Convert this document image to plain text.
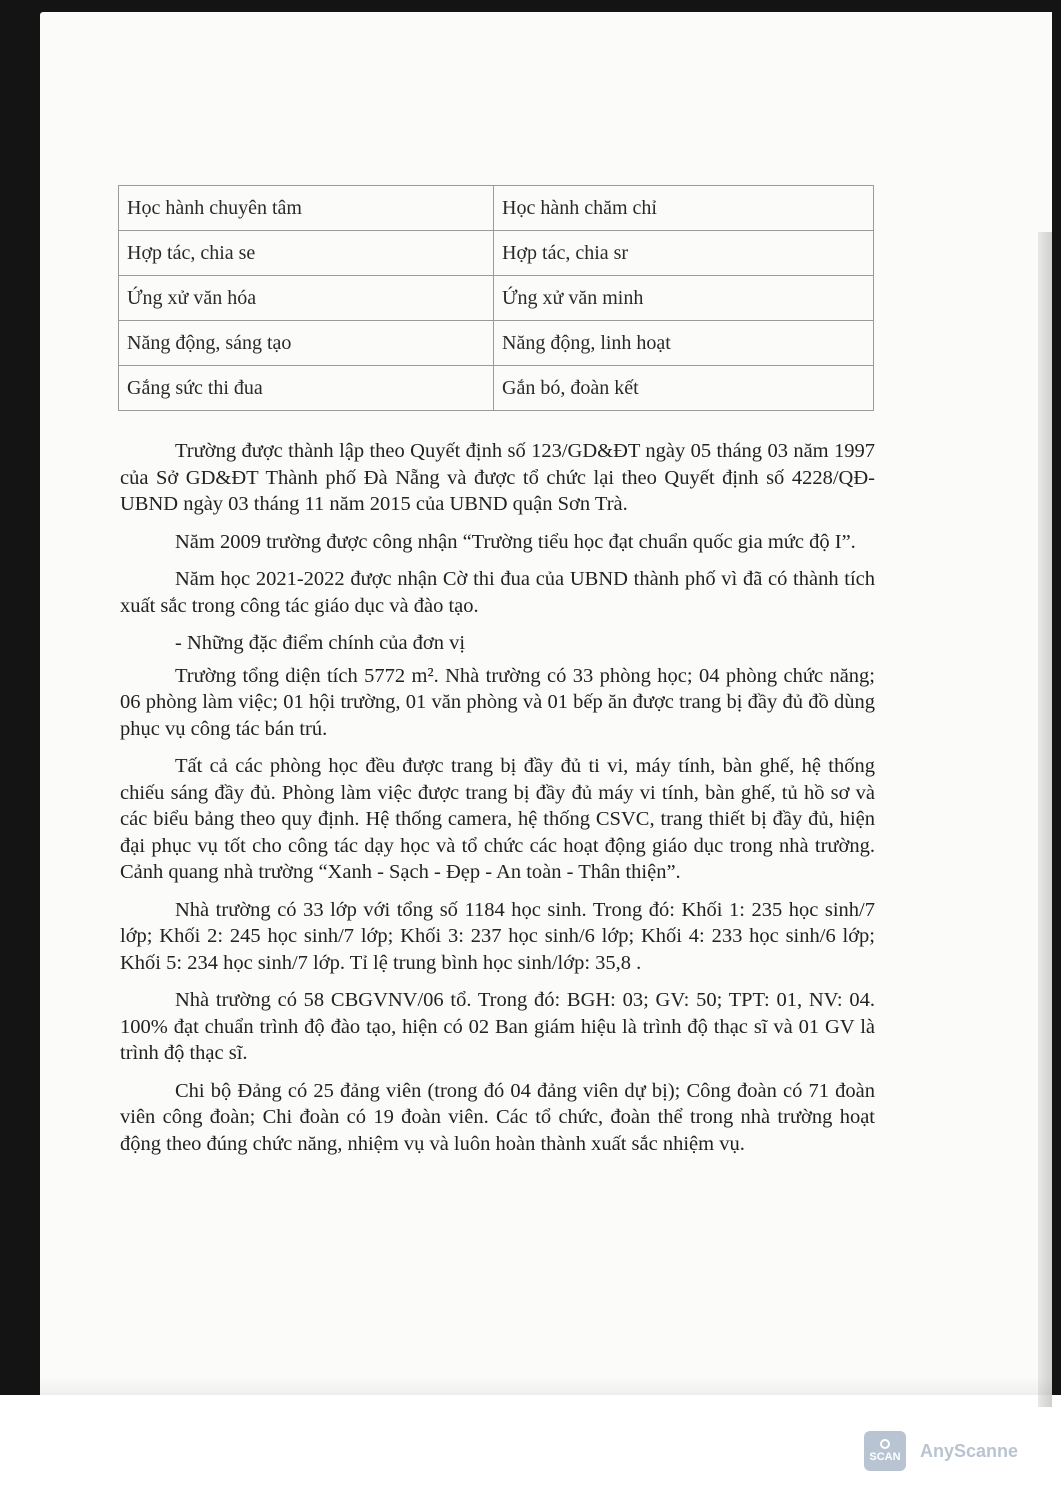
Học hành chuyên tâm	Học hành chăm chỉ
Hợp tác, chia se	Hợp tác, chia sr
Ứng xử văn hóa	Ứng xử văn minh
Năng động, sáng tạo	Năng động, linh hoạt
Gắng sức thi đua	Gắn bó, đoàn kết

Trường được thành lập theo Quyết định số 123/GD&ĐT ngày 05 tháng 03 năm 1997 của Sở GD&ĐT Thành phố Đà Nẵng và được tổ chức lại theo Quyết định số 4228/QĐ-UBND ngày 03 tháng 11 năm 2015 của UBND quận Sơn Trà.

Năm 2009 trường được công nhận “Trường tiểu học đạt chuẩn quốc gia mức độ I”.

Năm học 2021-2022 được nhận Cờ thi đua của UBND thành phố vì đã có thành tích xuất sắc trong công tác giáo dục và đào tạo.

- Những đặc điểm chính của đơn vị

Trường tổng diện tích 5772 m². Nhà trường có 33 phòng học; 04 phòng chức năng; 06 phòng làm việc; 01 hội trường, 01 văn phòng và 01 bếp ăn được trang bị đầy đủ đồ dùng phục vụ công tác bán trú.

Tất cả các phòng học đều được trang bị đầy đủ ti vi, máy tính, bàn ghế, hệ thống chiếu sáng đầy đủ. Phòng làm việc được trang bị đầy đủ máy vi tính, bàn ghế, tủ hồ sơ và các biểu bảng theo quy định. Hệ thống camera, hệ thống CSVC, trang thiết bị đầy đủ, hiện đại phục vụ tốt cho công tác dạy học và tổ chức các hoạt động giáo dục trong nhà trường. Cảnh quang nhà trường “Xanh - Sạch - Đẹp - An toàn - Thân thiện”.

Nhà trường có 33 lớp với tổng số 1184 học sinh. Trong đó: Khối 1: 235 học sinh/7 lớp; Khối 2: 245 học sinh/7 lớp; Khối 3: 237 học sinh/6 lớp; Khối 4: 233 học sinh/6 lớp; Khối 5: 234 học sinh/7 lớp. Tỉ lệ trung bình học sinh/lớp: 35,8 .

Nhà trường có 58 CBGVNV/06 tổ. Trong đó: BGH: 03; GV: 50; TPT: 01, NV: 04. 100% đạt chuẩn trình độ đào tạo, hiện có 02 Ban giám hiệu là trình độ thạc sĩ và 01 GV là trình độ thạc sĩ.

Chi bộ Đảng có 25 đảng viên (trong đó 04 đảng viên dự bị); Công đoàn có 71 đoàn viên công đoàn; Chi đoàn có 19 đoàn viên. Các tổ chức, đoàn thể trong nhà trường hoạt động theo đúng chức năng, nhiệm vụ và luôn hoàn thành xuất sắc nhiệm vụ.

SCAN AnyScanne
